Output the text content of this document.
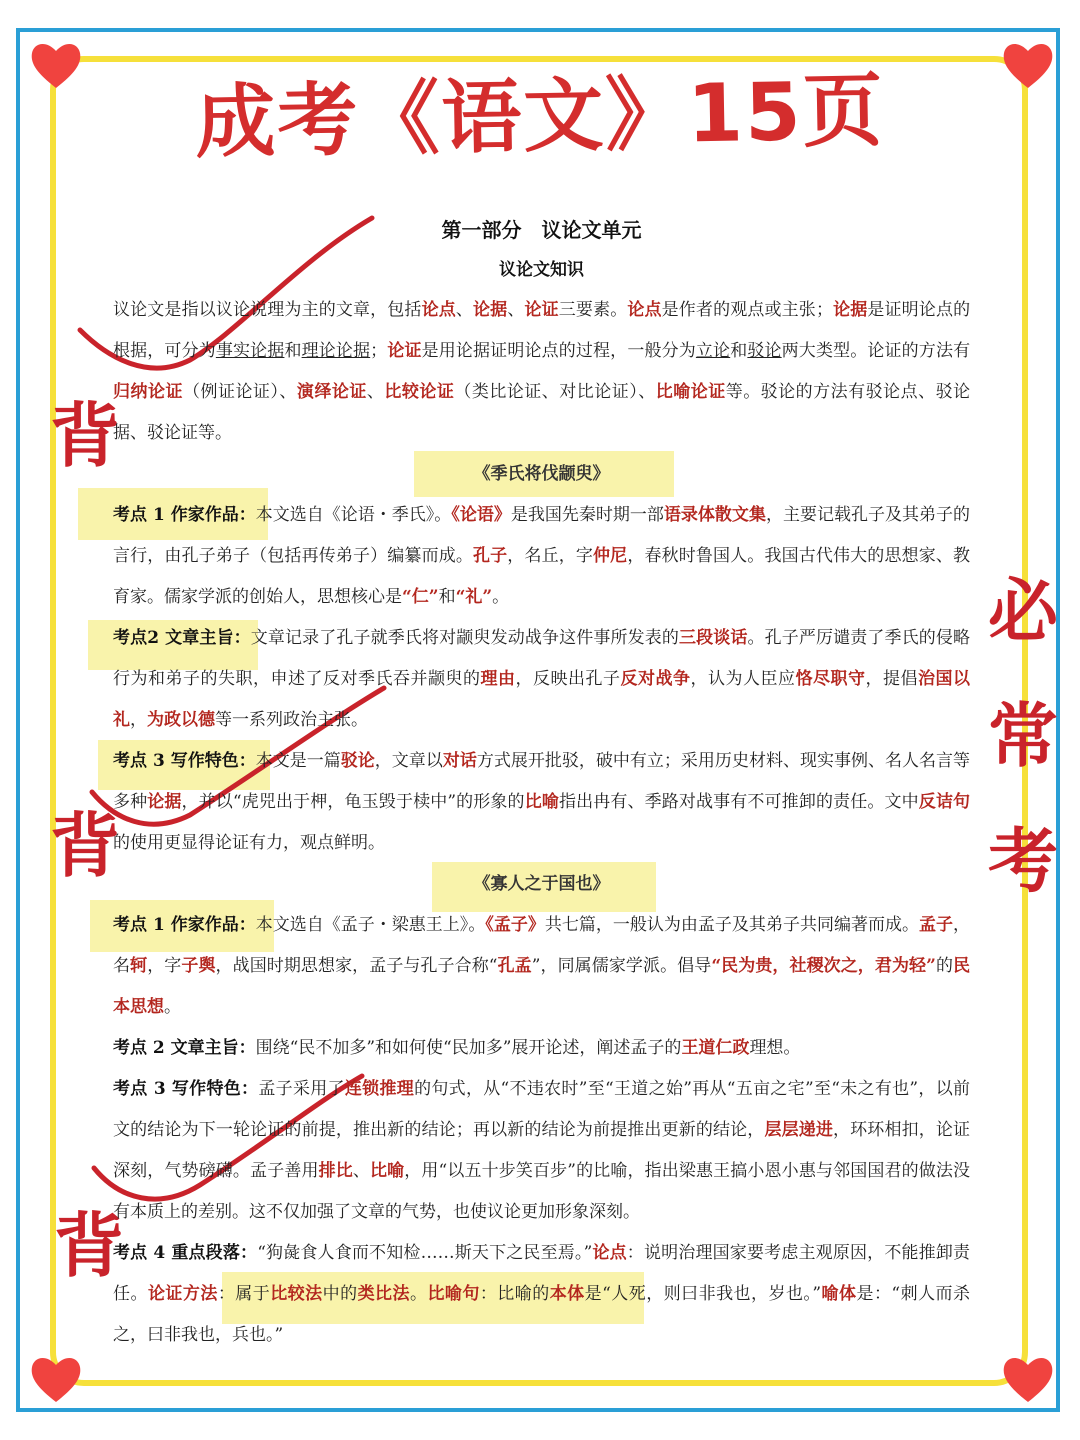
成考《语文》15页

第一部分　议论文单元

议论文知识

议论文是指以议论说理为主的文章，包括论点、论据、论证三要素。论点是作者的观点或主张；论据是证明论点的根据，可分为事实论据和理论论据；论证是用论据证明论点的过程，一般分为立论和驳论两大类型。论证的方法有归纳论证（例证论证）、演绎论证、比较论证（类比论证、对比论证）、比喻论证等。驳论的方法有驳论点、驳论据、驳论证等。

《季氏将伐颛臾》

考点 1 作家作品：本文选自《论语・季氏》。《论语》是我国先秦时期一部语录体散文集，主要记载孔子及其弟子的言行，由孔子弟子（包括再传弟子）编纂而成。孔子，名丘，字仲尼，春秋时鲁国人。我国古代伟大的思想家、教育家。儒家学派的创始人，思想核心是“仁”和“礼”。

考点2 文章主旨：文章记录了孔子就季氏将对颛臾发动战争这件事所发表的三段谈话。孔子严厉谴责了季氏的侵略行为和弟子的失职，申述了反对季氏吞并颛臾的理由，反映出孔子反对战争，认为人臣应恪尽职守，提倡治国以礼，为政以德等一系列政治主张。

考点 3 写作特色：本文是一篇驳论，文章以对话方式展开批驳，破中有立；采用历史材料、现实事例、名人名言等多种论据，并以“虎兕出于柙，龟玉毁于椟中”的形象的比喻指出冉有、季路对战事有不可推卸的责任。文中反诘句的使用更显得论证有力，观点鲜明。

《寡人之于国也》

考点 1 作家作品：本文选自《孟子・梁惠王上》。《孟子》共七篇，一般认为由孟子及其弟子共同编著而成。孟子，名轲，字子舆，战国时期思想家，孟子与孔子合称“孔孟”，同属儒家学派。倡导“民为贵，社稷次之，君为轻”的民本思想。

考点 2 文章主旨：围绕“民不加多”和如何使“民加多”展开论述，阐述孟子的王道仁政理想。

考点 3 写作特色：孟子采用了连锁推理的句式，从“不违农时”至“王道之始”再从“五亩之宅”至“未之有也”，以前文的结论为下一轮论证的前提，推出新的结论；再以新的结论为前提推出更新的结论，层层递进，环环相扣，论证深刻，气势磅礴。孟子善用排比、比喻，用“以五十步笑百步”的比喻，指出梁惠王搞小恩小惠与邻国国君的做法没有本质上的差别。这不仅加强了文章的气势，也使议论更加形象深刻。

考点 4 重点段落：“狗彘食人食而不知检……斯天下之民至焉。”论点：说明治理国家要考虑主观原因，不能推卸责任。论证方法：属于比较法中的类比法。比喻句：比喻的本体是“人死，则曰非我也，岁也。”喻体是：“刺人而杀之，曰非我也，兵也。”

背
背
背
必
常
考
